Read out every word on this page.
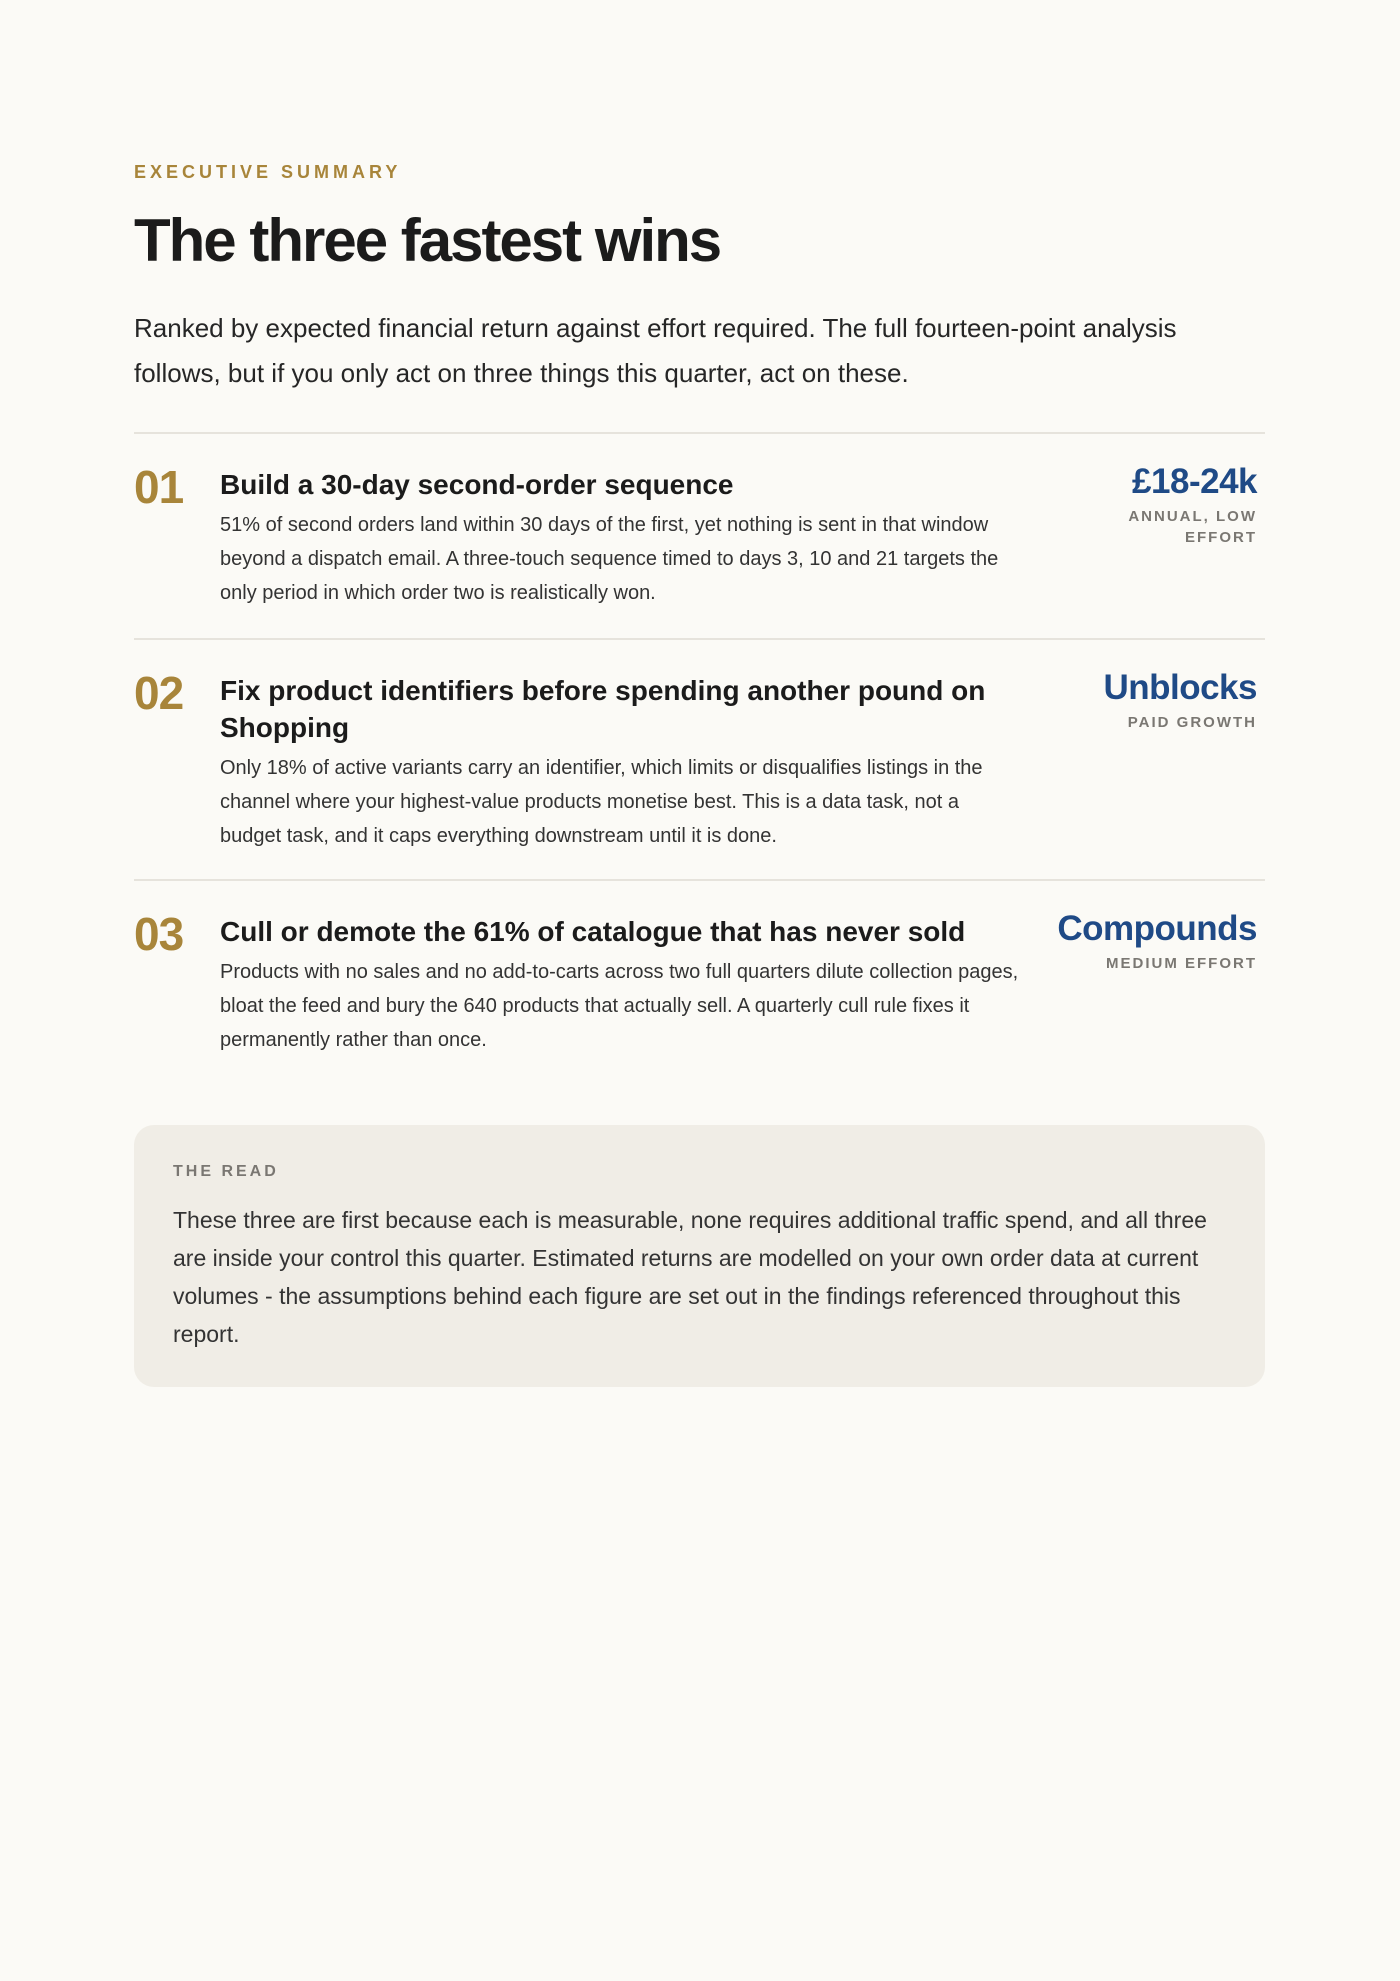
EXECUTIVE SUMMARY
The three fastest wins

Ranked by expected financial return against effort required. The full fourteen-point analysis follows, but if you only act on three things this quarter, act on these.

01 Build a 30-day second-order sequence
51% of second orders land within 30 days of the first, yet nothing is sent in that window beyond a dispatch email. A three-touch sequence timed to days 3, 10 and 21 targets the only period in which order two is realistically won.
£18-24k
ANNUAL, LOW EFFORT
02 Fix product identifiers before spending another pound on Shopping
Only 18% of active variants carry an identifier, which limits or disqualifies listings in the channel where your highest-value products monetise best. This is a data task, not a budget task, and it caps everything downstream until it is done.
Unblocks
PAID GROWTH
03 Cull or demote the 61% of catalogue that has never sold
Products with no sales and no add-to-carts across two full quarters dilute collection pages, bloat the feed and bury the 640 products that actually sell. A quarterly cull rule fixes it permanently rather than once.
Compounds
MEDIUM EFFORT
THE READ

These three are first because each is measurable, none requires additional traffic spend, and all three are inside your control this quarter. Estimated returns are modelled on your own order data at current volumes - the assumptions behind each figure are set out in the findings referenced throughout this report.
